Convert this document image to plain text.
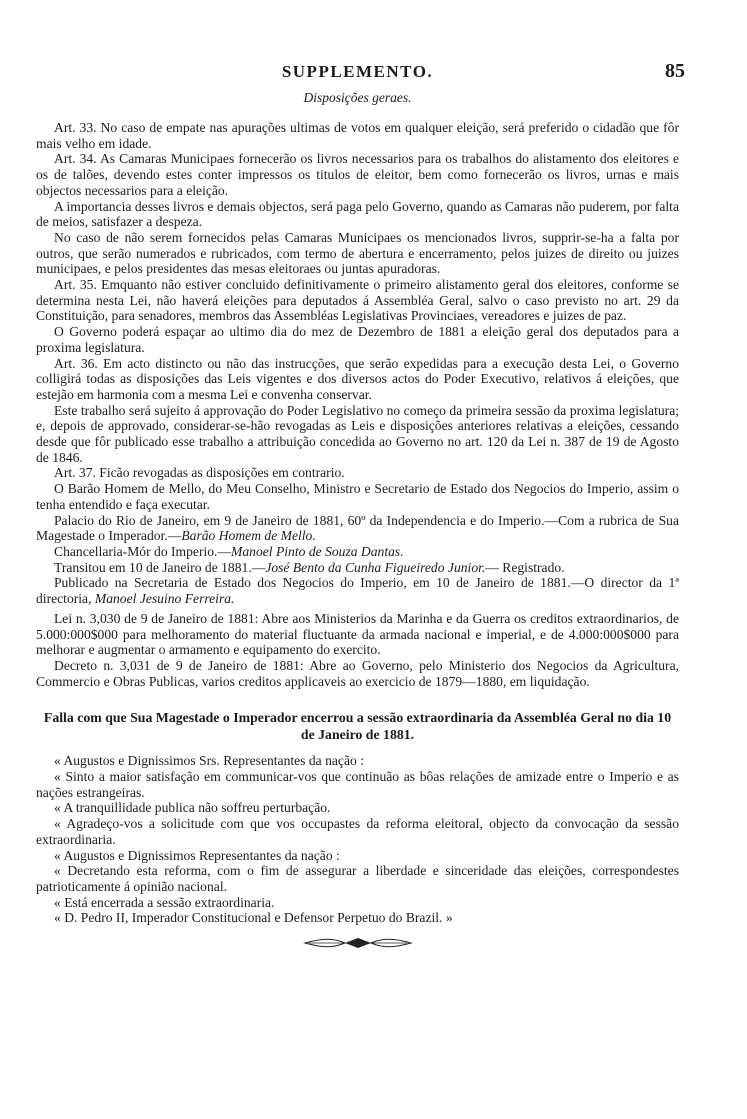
SUPPLEMENTO.	85
Disposições geraes.

Art. 33. No caso de empate nas apurações ultimas de votos em qualquer eleição, será preferido o cidadão que fôr mais velho em idade.

Art. 34. As Camaras Municipaes fornecerão os livros necessarios para os trabalhos do alistamento dos eleitores e os de talões, devendo estes conter impressos os titulos de eleitor, bem como fornecerão os livros, urnas e mais objectos necessarios para a eleição.

A importancia desses livros e demais objectos, será paga pelo Governo, quando as Camaras não puderem, por falta de meios, satisfazer a despeza.

No caso de não serem fornecidos pelas Camaras Municipaes os mencionados livros, supprir-se-ha a falta por outros, que serão numerados e rubricados, com termo de abertura e encerramento, pelos juizes de direito ou juizes municipaes, e pelos presidentes das mesas eleitoraes ou juntas apuradoras.

Art. 35. Emquanto não estiver concluido definitivamente o primeiro alistamento geral dos eleitores, conforme se determina nesta Lei, não haverá eleições para deputados á Assembléa Geral, salvo o caso previsto no art. 29 da Constituição, para senadores, membros das Assembléas Legislativas Provinciaes, vereadores e juizes de paz.

O Governo poderá espaçar ao ultimo dia do mez de Dezembro de 1881 a eleição geral dos deputados para a proxima legislatura.

Art. 36. Em acto distincto ou não das instrucções, que serão expedidas para a execução desta Lei, o Governo colligirá todas as disposições das Leis vigentes e dos diversos actos do Poder Executivo, relativos á eleições, que estejão em harmonia com a mesma Lei e convenha conservar.

Este trabalho será sujeito á approvação do Poder Legislativo no começo da primeira sessão da proxima legislatura; e, depois de approvado, considerar-se-hão revogadas as Leis e disposições anteriores relativas a eleições, cessando desde que fôr publicado esse trabalho a attribuição concedida ao Governo no art. 120 da Lei n. 387 de 19 de Agosto de 1846.

Art. 37. Ficão revogadas as disposições em contrario.

O Barão Homem de Mello, do Meu Conselho, Ministro e Secretario de Estado dos Negocios do Imperio, assim o tenha entendido e faça executar.

Palacio do Rio de Janeiro, em 9 de Janeiro de 1881, 60º da Independencia e do Imperio.—Com a rubrica de Sua Magestade o Imperador.—Barão Homem de Mello.

Chancellaria-Mór do Imperio.—Manoel Pinto de Souza Dantas.

Transitou em 10 de Janeiro de 1881.—José Bento da Cunha Figueiredo Junior.— Registrado.

Publicado na Secretaria de Estado dos Negocios do Imperio, em 10 de Janeiro de 1881.—O director da 1ª directoria, Manoel Jesuino Ferreira.

Lei n. 3,030 de 9 de Janeiro de 1881: Abre aos Ministerios da Marinha e da Guerra os creditos extraordinarios, de 5.000:000$000 para melhoramento do material fluctuante da armada nacional e imperial, e de 4.000:000$000 para melhorar e augmentar o armamento e equipamento do exercito.

Decreto n. 3,031 de 9 de Janeiro de 1881: Abre ao Governo, pelo Ministerio dos Negocios da Agricultura, Commercio e Obras Publicas, varios creditos applicaveis ao exercicio de 1879—1880, em liquidação.

Falla com que Sua Magestade o Imperador encerrou a sessão extraordinaria da Assembléa Geral no dia 10 de Janeiro de 1881.

« Augustos e Dignissimos Srs. Representantes da nação :

« Sinto a maior satisfação em communicar-vos que continuão as bôas relações de amizade entre o Imperio e as nações estrangeiras.

« A tranquillidade publica não soffreu perturbação.

« Agradeço-vos a solicitude com que vos occupastes da reforma eleitoral, objecto da convocação da sessão extraordinaria.

« Augustos e Dignissimos Representantes da nação :

« Decretando esta reforma, com o fim de assegurar a liberdade e sinceridade das eleições, correspondestes patrioticamente á opinião nacional.

« Está encerrada a sessão extraordinaria.

« D. Pedro II, Imperador Constitucional e Defensor Perpetuo do Brazil. »
